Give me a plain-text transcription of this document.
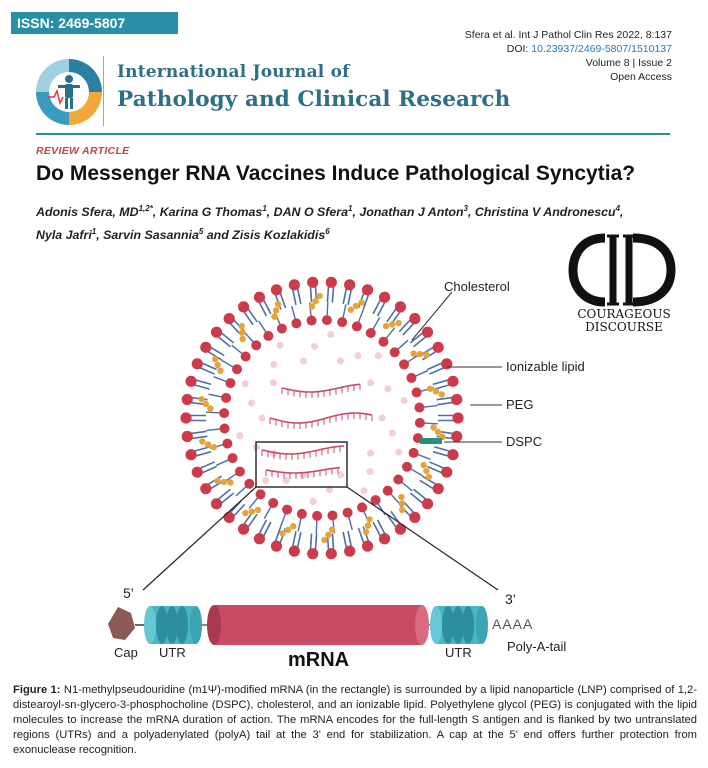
ISSN: 2469-5807
Sfera et al. Int J Pathol Clin Res 2022, 8:137
DOI: 10.23937/2469-5807/1510137
Volume 8 | Issue 2
Open Access
International Journal of
Pathology and Clinical Research
REVIEW ARTICLE
Do Messenger RNA Vaccines Induce Pathological Syncytia?
Adonis Sfera, $MD^{1,2*}$, Karina G Thomas$^1$, DAN O Sfera$^1$, Jonathan J Anton$^3$, Christina V Andronescu$^4$,
Nyla Jafri$^1$, Sarvin Sasannia$^5$ and Zisis Kozlakidis$^6$
COURAGEOUS
DISCOURSE
Cholesterol
Ionizable lipid
PEG
DSPC
5’	3’
AAAA
Cap UTR	mRNA	UTR	Poly-A-tail
Figure 1: N1-methylpseudouridine (m1Ψ)-modified mRNA (in the rectangle) is surrounded by a lipid nanoparticle (LNP) comprised of 1,2-distearoyl-sn-glycero-3-phosphocholine (DSPC), cholesterol, and an ionizable lipid. Polyethylene glycol (PEG) is conjugated with the lipid molecules to increase the mRNA duration of action. The mRNA encodes for the full-length S antigen and is flanked by two untranslated regions (UTRs) and a polyadenylated (polyA) tail at the 3' end for stabilization. A cap at the 5' end offers further protection from exonuclease recognition.
